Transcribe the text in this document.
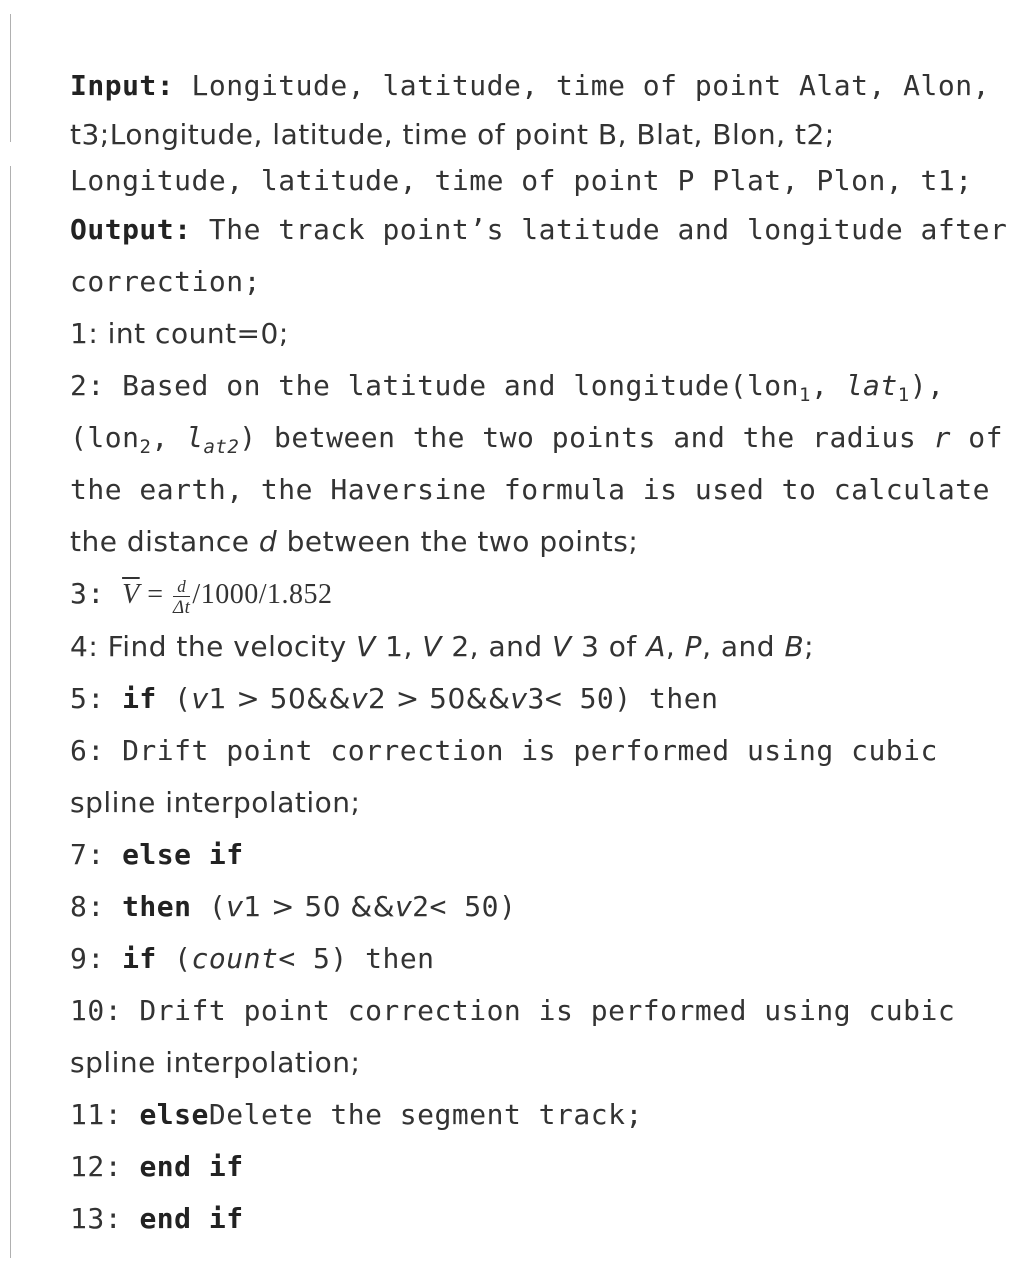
Input: Longitude, latitude, time of point Alat, Alon,

t3;Longitude, latitude, time of point B, Blat, Blon, t2;

Longitude, latitude, time of point P Plat, Plon, t1;

Output: The track point’s latitude and longitude after

correction;

1: int count=0;

2: Based on the latitude and longitude(lon$_1$, lat$_1$),

(lon$_2$, $l_{at2}$) between the two points and the radius r of

the earth, the Haversine formula is used to calculate

the distance d between the two points;

3: $\overline{V} = \frac{d}{\Delta t} /1000/1.852$

4: Find the velocity V 1, V 2, and V 3 of A, P, and B;

5: if (v1 > 50&&v2 > 50&&v3< 50) then

6: Drift point correction is performed using cubic

spline interpolation;

7: else if

8: then (v1 > 50 &&v2< 50)

9: if (count< 5) then

10: Drift point correction is performed using cubic

spline interpolation;

11: elseDelete the segment track;

12: end if

13: end if
